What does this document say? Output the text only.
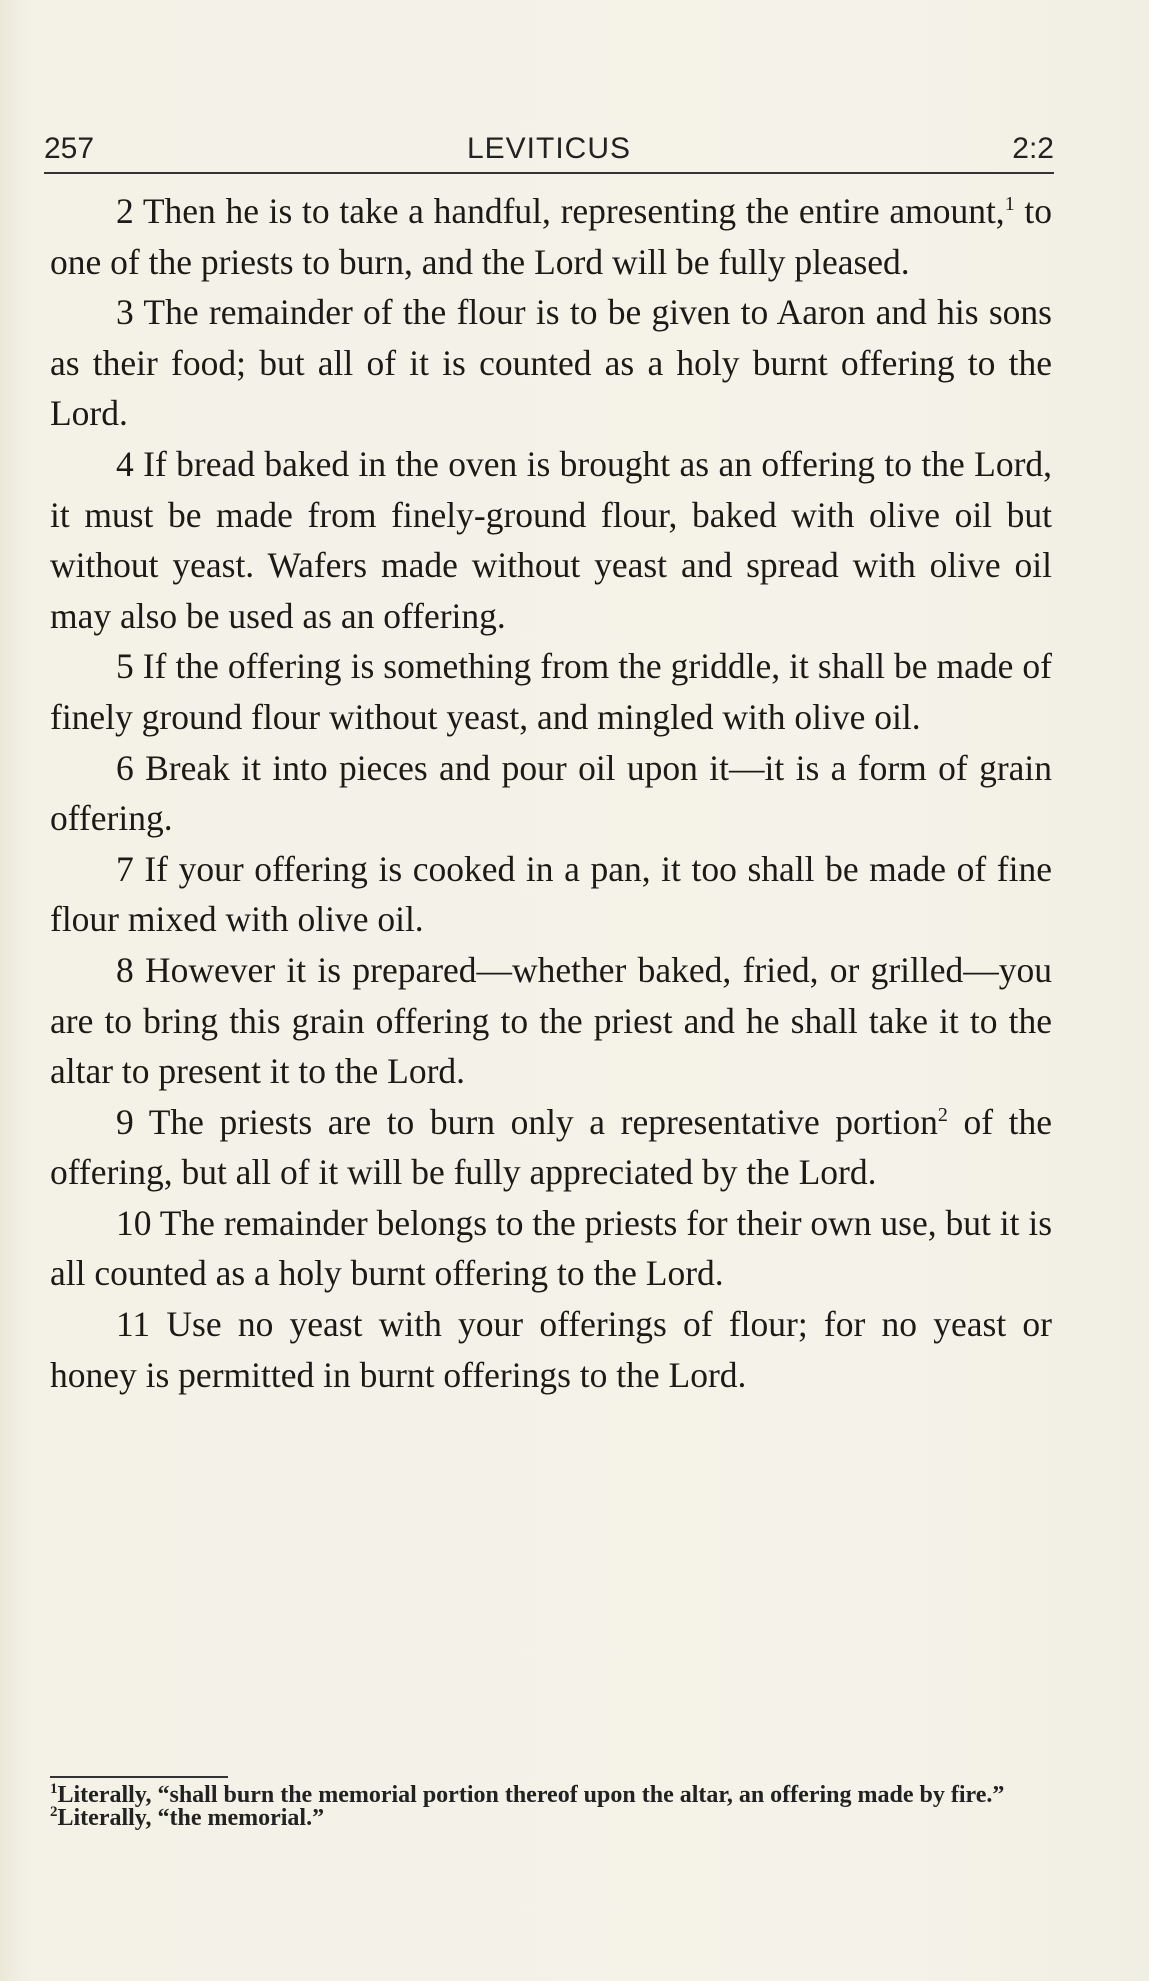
257	LEVITICUS	2:2

2 Then he is to take a handful, representing the entire amount,$^1$ to one of the priests to burn, and the Lord will be fully pleased.

3 The remainder of the flour is to be given to Aaron and his sons as their food; but all of it is counted as a holy burnt offering to the Lord.

4 If bread baked in the oven is brought as an offering to the Lord, it must be made from finely-ground flour, baked with olive oil but without yeast. Wafers made without yeast and spread with olive oil may also be used as an offering.

5 If the offering is something from the griddle, it shall be made of finely ground flour without yeast, and mingled with olive oil.

6 Break it into pieces and pour oil upon it—it is a form of grain offering.

7 If your offering is cooked in a pan, it too shall be made of fine flour mixed with olive oil.

8 However it is prepared—whether baked, fried, or grilled—you are to bring this grain offering to the priest and he shall take it to the altar to present it to the Lord.

9 The priests are to burn only a representative portion$^2$ of the offering, but all of it will be fully appreciated by the Lord.

10 The remainder belongs to the priests for their own use, but it is all counted as a holy burnt offering to the Lord.

11 Use no yeast with your offerings of flour; for no yeast or honey is permitted in burnt offerings to the Lord.

$^1$Literally, “shall burn the memorial portion thereof upon the altar, an offering made by fire.”
$^2$Literally, “the memorial.”
